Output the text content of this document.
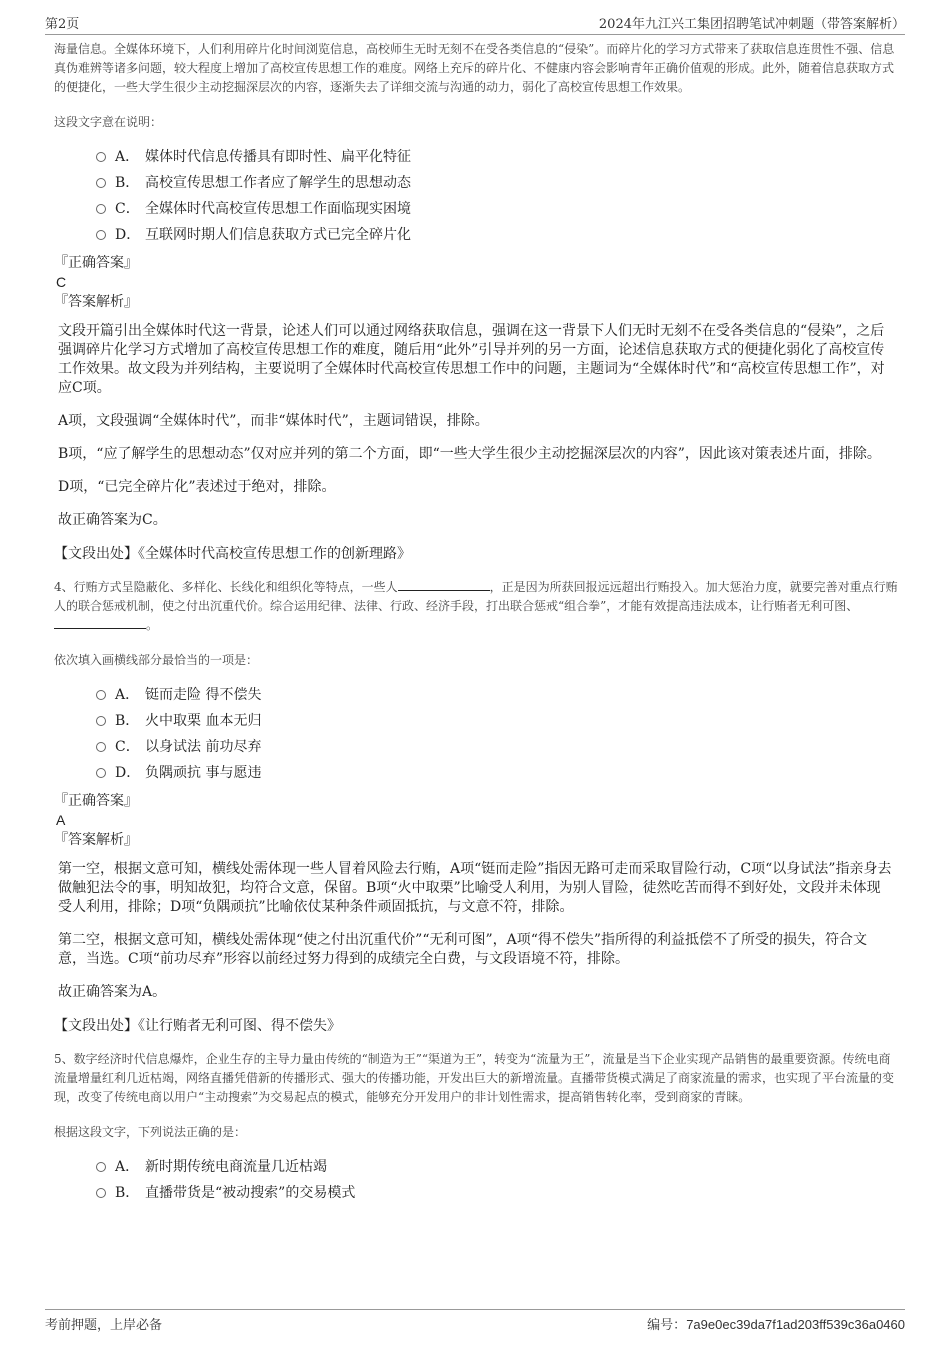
第2页	2024年九江兴工集团招聘笔试冲刺题（带答案解析）

海量信息。全媒体环境下，人们利用碎片化时间浏览信息，高校师生无时无刻不在受各类信息的“侵染”。而碎片化的学习方式带来了获取信息连贯性不强、信息真伪难辨等诸多问题，较大程度上增加了高校宣传思想工作的难度。网络上充斥的碎片化、不健康内容会影响青年正确价值观的形成。此外，随着信息获取方式的便捷化，一些大学生很少主动挖掘深层次的内容，逐渐失去了详细交流与沟通的动力，弱化了高校宣传思想工作效果。

这段文字意在说明：

A． 媒体时代信息传播具有即时性、扁平化特征
B． 高校宣传思想工作者应了解学生的思想动态
C． 全媒体时代高校宣传思想工作面临现实困境
D． 互联网时期人们信息获取方式已完全碎片化

『正确答案』

C

『答案解析』

文段开篇引出全媒体时代这一背景，论述人们可以通过网络获取信息，强调在这一背景下人们无时无刻不在受各类信息的“侵染”，之后强调碎片化学习方式增加了高校宣传思想工作的难度，随后用“此外”引导并列的另一方面，论述信息获取方式的便捷化弱化了高校宣传工作效果。故文段为并列结构，主要说明了全媒体时代高校宣传思想工作中的问题，主题词为“全媒体时代”和“高校宣传思想工作”，对应C项。

A项，文段强调“全媒体时代”，而非“媒体时代”，主题词错误，排除。

B项，“应了解学生的思想动态”仅对应并列的第二个方面，即“一些大学生很少主动挖掘深层次的内容”，因此该对策表述片面，排除。

D项，“已完全碎片化”表述过于绝对，排除。

故正确答案为C。

【文段出处】《全媒体时代高校宣传思想工作的创新理路》

4、行贿方式呈隐蔽化、多样化、长线化和组织化等特点，一些人	，正是因为所获回报远远超出行贿投入。加大惩治力度，就要完善对重点行贿人的联合惩戒机制，使之付出沉重代价。综合运用纪律、法律、行政、经济手段，打出联合惩戒“组合拳”，才能有效提高违法成本，让行贿者无利可图、。

依次填入画横线部分最恰当的一项是：

A． 铤而走险 得不偿失
B． 火中取栗 血本无归
C． 以身试法 前功尽弃
D． 负隅顽抗 事与愿违

『正确答案』

A

『答案解析』

第一空，根据文意可知，横线处需体现一些人冒着风险去行贿，A项“铤而走险”指因无路可走而采取冒险行动，C项“以身试法”指亲身去做触犯法令的事，明知故犯，均符合文意，保留。B项“火中取栗”比喻受人利用，为别人冒险，徒然吃苦而得不到好处，文段并未体现受人利用，排除；D项“负隅顽抗”比喻依仗某种条件顽固抵抗，与文意不符，排除。

第二空，根据文意可知，横线处需体现“使之付出沉重代价”“无利可图”，A项“得不偿失”指所得的利益抵偿不了所受的损失，符合文意，当选。C项“前功尽弃”形容以前经过努力得到的成绩完全白费，与文段语境不符，排除。

故正确答案为A。

【文段出处】《让行贿者无利可图、得不偿失》

5、数字经济时代信息爆炸，企业生存的主导力量由传统的“制造为王”“渠道为王”，转变为“流量为王”，流量是当下企业实现产品销售的最重要资源。传统电商流量增量红利几近枯竭，网络直播凭借新的传播形式、强大的传播功能，开发出巨大的新增流量。直播带货模式满足了商家流量的需求，也实现了平台流量的变现，改变了传统电商以用户“主动搜索”为交易起点的模式，能够充分开发用户的非计划性需求，提高销售转化率，受到商家的青睐。

根据这段文字，下列说法正确的是：

A． 新时期传统电商流量几近枯竭
B． 直播带货是“被动搜索”的交易模式
考前押题，上岸必备	编号：7a9e0ec39da7f1ad203ff539c36a0460
